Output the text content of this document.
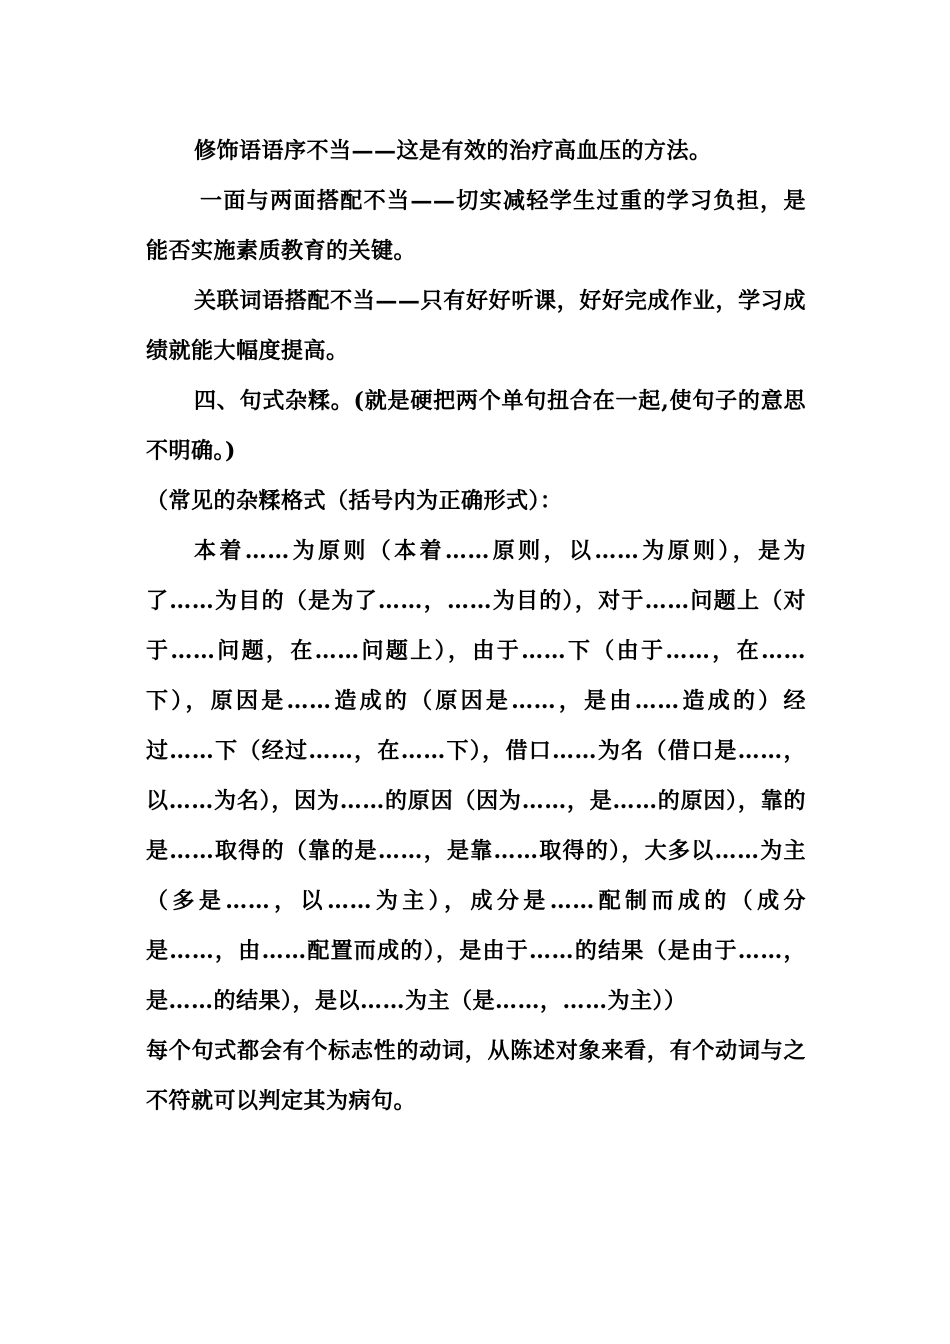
修饰语语序不当——这是有效的治疗高血压的方法。

一面与两面搭配不当——切实减轻学生过重的学习负担，是能否实施素质教育的关键。

关联词语搭配不当——只有好好听课，好好完成作业，学习成绩就能大幅度提高。

四、句式杂糅。(就是硬把两个单句扭合在一起,使句子的意思不明确。)

（常见的杂糅格式（括号内为正确形式）：

本着……为原则（本着……原则，以……为原则），是为了……为目的（是为了……，……为目的），对于……问题上（对于……问题，在……问题上），由于……下（由于……，在……下），原因是……造成的（原因是……，是由……造成的）经过……下（经过……，在……下），借口……为名（借口是……，以……为名），因为……的原因（因为……，是……的原因），靠的是……取得的（靠的是……，是靠……取得的），大多以……为主（多是……，以……为主），成分是……配制而成的（成分是……，由……配置而成的），是由于……的结果（是由于……，是……的结果），是以……为主（是……，……为主））

每个句式都会有个标志性的动词，从陈述对象来看，有个动词与之不符就可以判定其为病句。
